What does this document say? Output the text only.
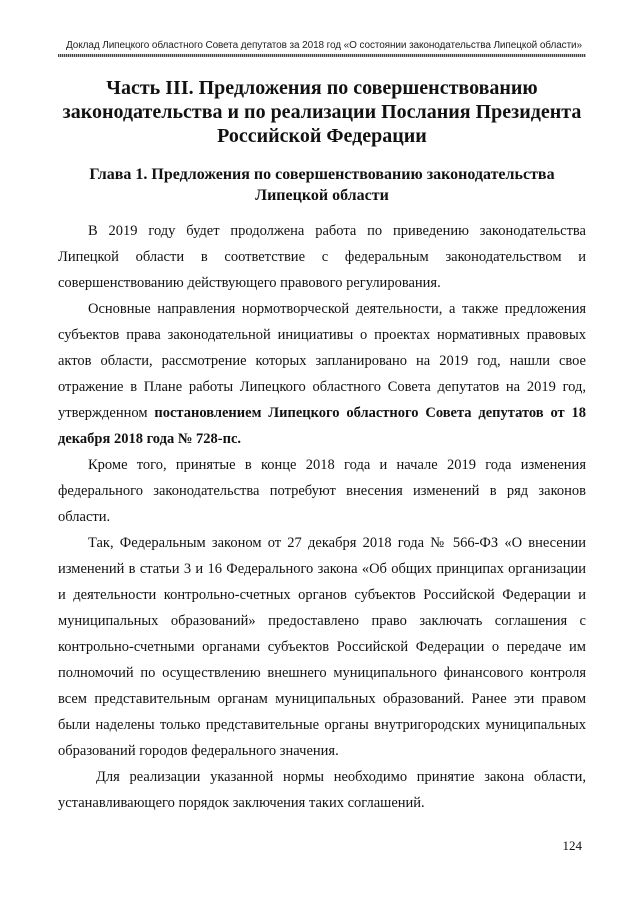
Доклад Липецкого областного Совета депутатов за 2018 год «О состоянии законодательства Липецкой области»
Часть III. Предложения по совершенствованию законодательства и по реализации Послания Президента Российской Федерации
Глава 1. Предложения по совершенствованию законодательства Липецкой области

В 2019 году будет продолжена работа по приведению законодательства Липецкой области в соответствие с федеральным законодательством и совершенствованию действующего правового регулирования.

Основные направления нормотворческой деятельности, а также предложения субъектов права законодательной инициативы о проектах нормативных правовых актов области, рассмотрение которых запланировано на 2019 год, нашли свое отражение в Плане работы Липецкого областного Совета депутатов на 2019 год, утвержденном постановлением Липецкого областного Совета депутатов от 18 декабря 2018 года № 728-пс.

Кроме того, принятые в конце 2018 года и начале 2019 года изменения федерального законодательства потребуют внесения изменений в ряд законов области.

Так, Федеральным законом от 27 декабря 2018 года № 566-ФЗ «О внесении изменений в статьи 3 и 16 Федерального закона «Об общих принципах организации и деятельности контрольно-счетных органов субъектов Российской Федерации и муниципальных образований» предоставлено право заключать соглашения с контрольно-счетными органами субъектов Российской Федерации о передаче им полномочий по осуществлению внешнего муниципального финансового контроля всем представительным органам муниципальных образований. Ранее эти правом были наделены только представительные органы внутригородских муниципальных образований городов федерального значения.

Для реализации указанной нормы необходимо принятие закона области, устанавливающего порядок заключения таких соглашений.

124
